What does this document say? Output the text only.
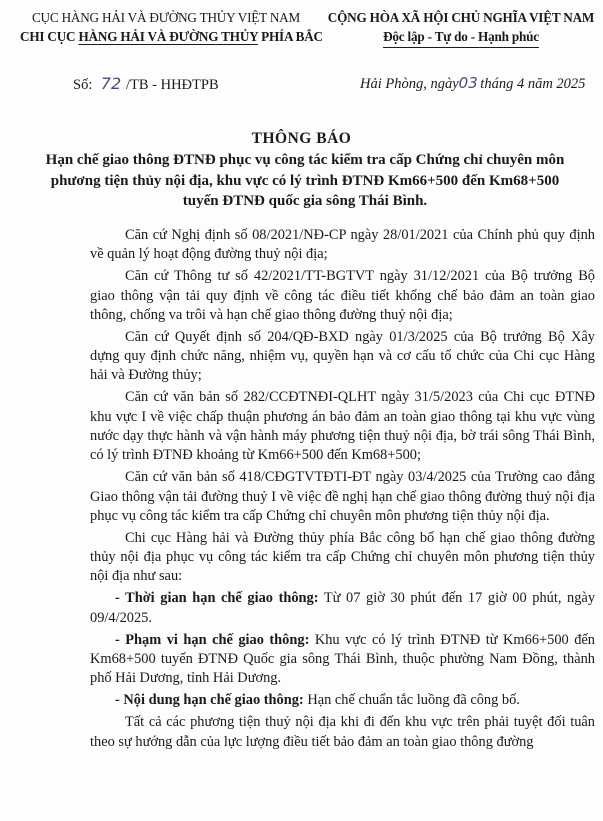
CỤC HÀNG HẢI VÀ ĐƯỜNG THỦY VIỆT NAM
CHI CỤC HÀNG HẢI VÀ ĐƯỜNG THỦY PHÍA BẮC
CỘNG HÒA XÃ HỘI CHỦ NGHĨA VIỆT NAM
Độc lập - Tự do - Hạnh phúc
Số: 72 /TB - HHĐTPB	Hải Phòng, ngày03 tháng 4 năm 2025
THÔNG BÁO
Hạn chế giao thông ĐTNĐ phục vụ công tác kiểm tra cấp Chứng chỉ chuyên môn phương tiện thủy nội địa, khu vực có lý trình ĐTNĐ Km66+500 đến Km68+500 tuyến ĐTNĐ quốc gia sông Thái Bình.

Căn cứ Nghị định số 08/2021/NĐ-CP ngày 28/01/2021 của Chính phủ quy định về quản lý hoạt động đường thuỷ nội địa;

Căn cứ Thông tư số 42/2021/TT-BGTVT ngày 31/12/2021 của Bộ trưởng Bộ giao thông vận tải quy định về công tác điều tiết khống chế bảo đảm an toàn giao thông, chống va trôi và hạn chế giao thông đường thuỷ nội địa;

Căn cứ Quyết định số 204/QĐ-BXD ngày 01/3/2025 của Bộ trưởng Bộ Xây dựng quy định chức năng, nhiệm vụ, quyền hạn và cơ cấu tổ chức của Chi cục Hàng hải và Đường thủy;

Căn cứ văn bản số 282/CCĐTNĐI-QLHT ngày 31/5/2023 của Chi cục ĐTNĐ khu vực I về việc chấp thuận phương án bảo đảm an toàn giao thông tại khu vực vùng nước dạy thực hành và vận hành máy phương tiện thuỷ nội địa, bờ trái sông Thái Bình, có lý trình ĐTNĐ khoảng từ Km66+500 đến Km68+500;

Căn cứ văn bản số 418/CĐGTVTĐTI-ĐT ngày 03/4/2025 của Trường cao đẳng Giao thông vận tải đường thuỷ I về việc đề nghị hạn chế giao thông đường thuỷ nội địa phục vụ công tác kiểm tra cấp Chứng chỉ chuyên môn phương tiện thủy nội địa.

Chi cục Hàng hải và Đường thủy phía Bắc công bố hạn chế giao thông đường thủy nội địa phục vụ công tác kiểm tra cấp Chứng chỉ chuyên môn phương tiện thủy nội địa như sau:

- Thời gian hạn chế giao thông: Từ 07 giờ 30 phút đến 17 giờ 00 phút, ngày 09/4/2025.

- Phạm vi hạn chế giao thông: Khu vực có lý trình ĐTNĐ từ Km66+500 đến Km68+500 tuyến ĐTNĐ Quốc gia sông Thái Bình, thuộc phường Nam Đồng, thành phố Hải Dương, tỉnh Hải Dương.

- Nội dung hạn chế giao thông: Hạn chế chuẩn tắc luồng đã công bố.

Tất cả các phương tiện thuỷ nội địa khi đi đến khu vực trên phải tuyệt đối tuân theo sự hướng dẫn của lực lượng điều tiết bảo đảm an toàn giao thông đường
